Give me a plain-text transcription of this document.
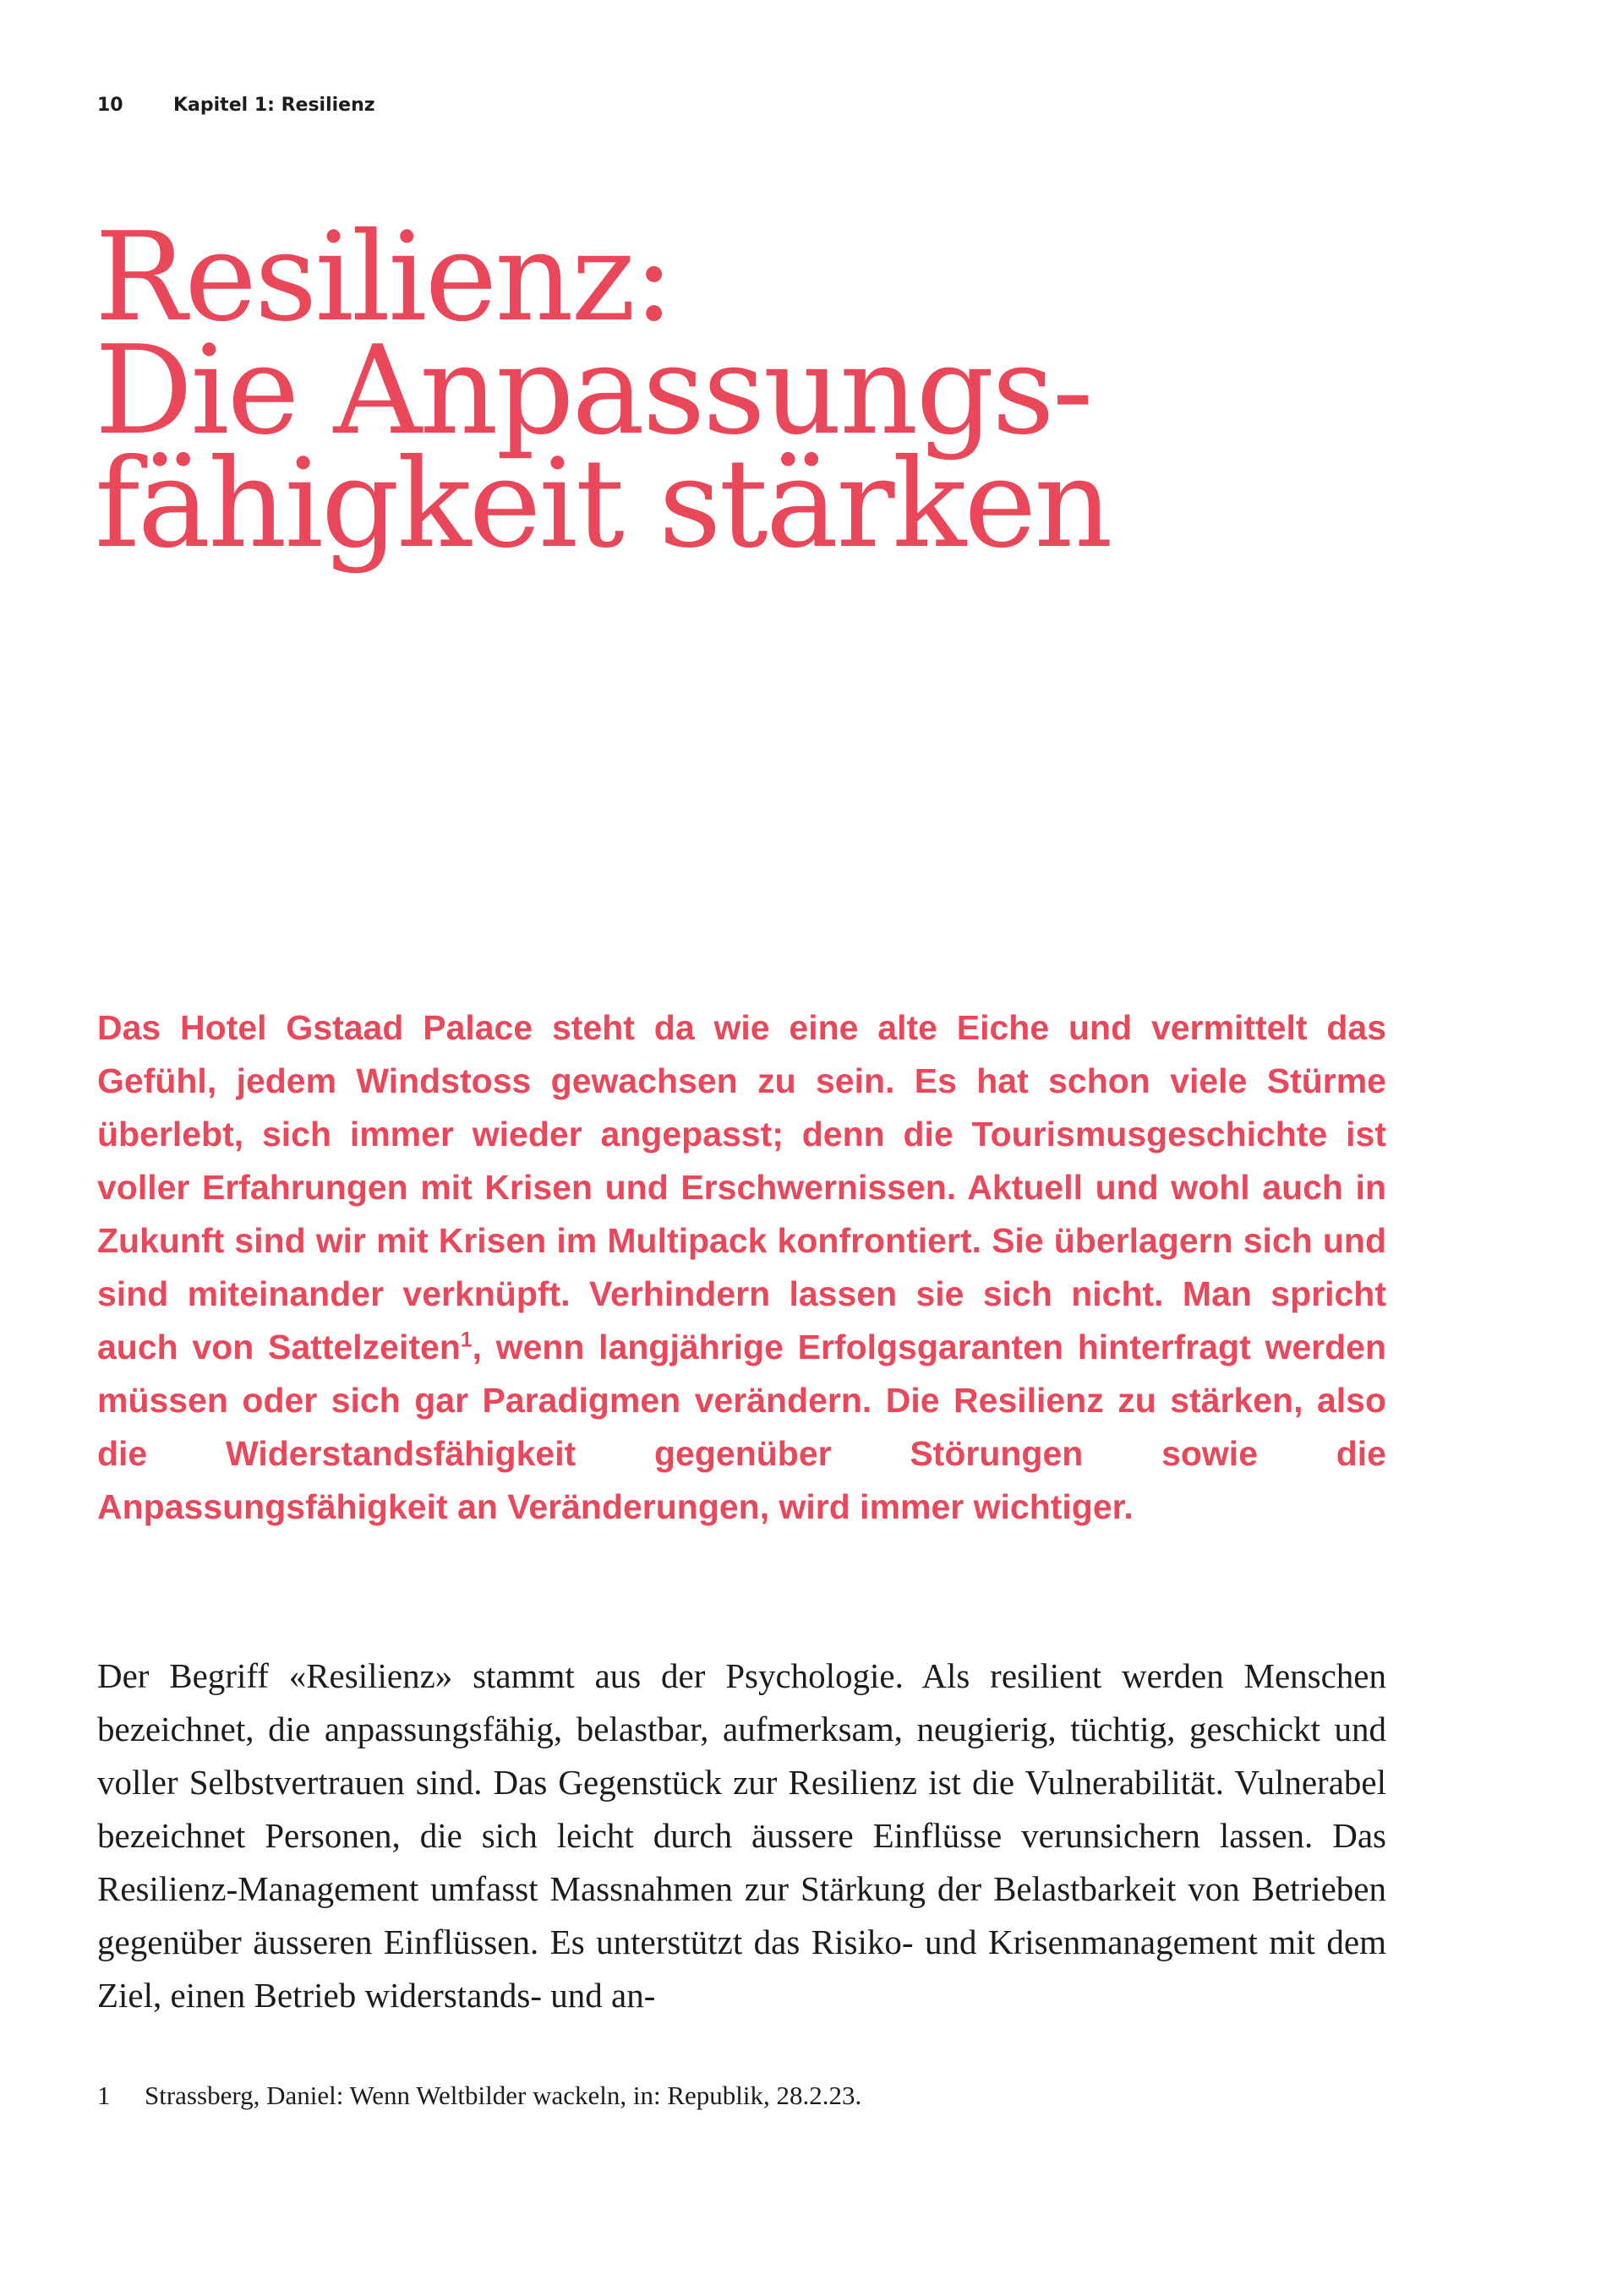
10	Kapitel 1: Resilienz
Resilienz:
Die Anpassungs-
fähigkeit stärken

Das Hotel Gstaad Palace steht da wie eine alte Eiche und vermittelt das Gefühl, jedem Windstoss gewachsen zu sein. Es hat schon viele Stürme überlebt, sich immer wieder angepasst; denn die Tourismusgeschichte ist voller Erfahrungen mit Krisen und Erschwernissen. Aktuell und wohl auch in Zukunft sind wir mit Krisen im Multipack konfrontiert. Sie überlagern sich und sind miteinander verknüpft. Verhindern lassen sie sich nicht. Man spricht auch von Sattelzeiten$^1$, wenn langjährige Erfolgsgaranten hinterfragt werden müssen oder sich gar Paradigmen verändern. Die Resilienz zu stärken, also die Widerstandsfähigkeit gegenüber Störungen sowie die Anpassungsfähigkeit an Veränderungen, wird immer wichtiger.

Der Begriff «Resilienz» stammt aus der Psychologie. Als resilient werden Menschen bezeichnet, die anpassungsfähig, belastbar, aufmerksam, neugierig, tüchtig, geschickt und voller Selbstvertrauen sind. Das Gegenstück zur Resilienz ist die Vulnerabilität. Vulnerabel bezeichnet Personen, die sich leicht durch äussere Einflüsse verunsichern lassen. Das Resilienz-Management umfasst Massnahmen zur Stärkung der Belastbarkeit von Betrieben gegenüber äusseren Einflüssen. Es unterstützt das Risiko- und Krisenmanagement mit dem Ziel, einen Betrieb widerstands- und an-

1 Strassberg, Daniel: Wenn Weltbilder wackeln, in: Republik, 28.2.23.
